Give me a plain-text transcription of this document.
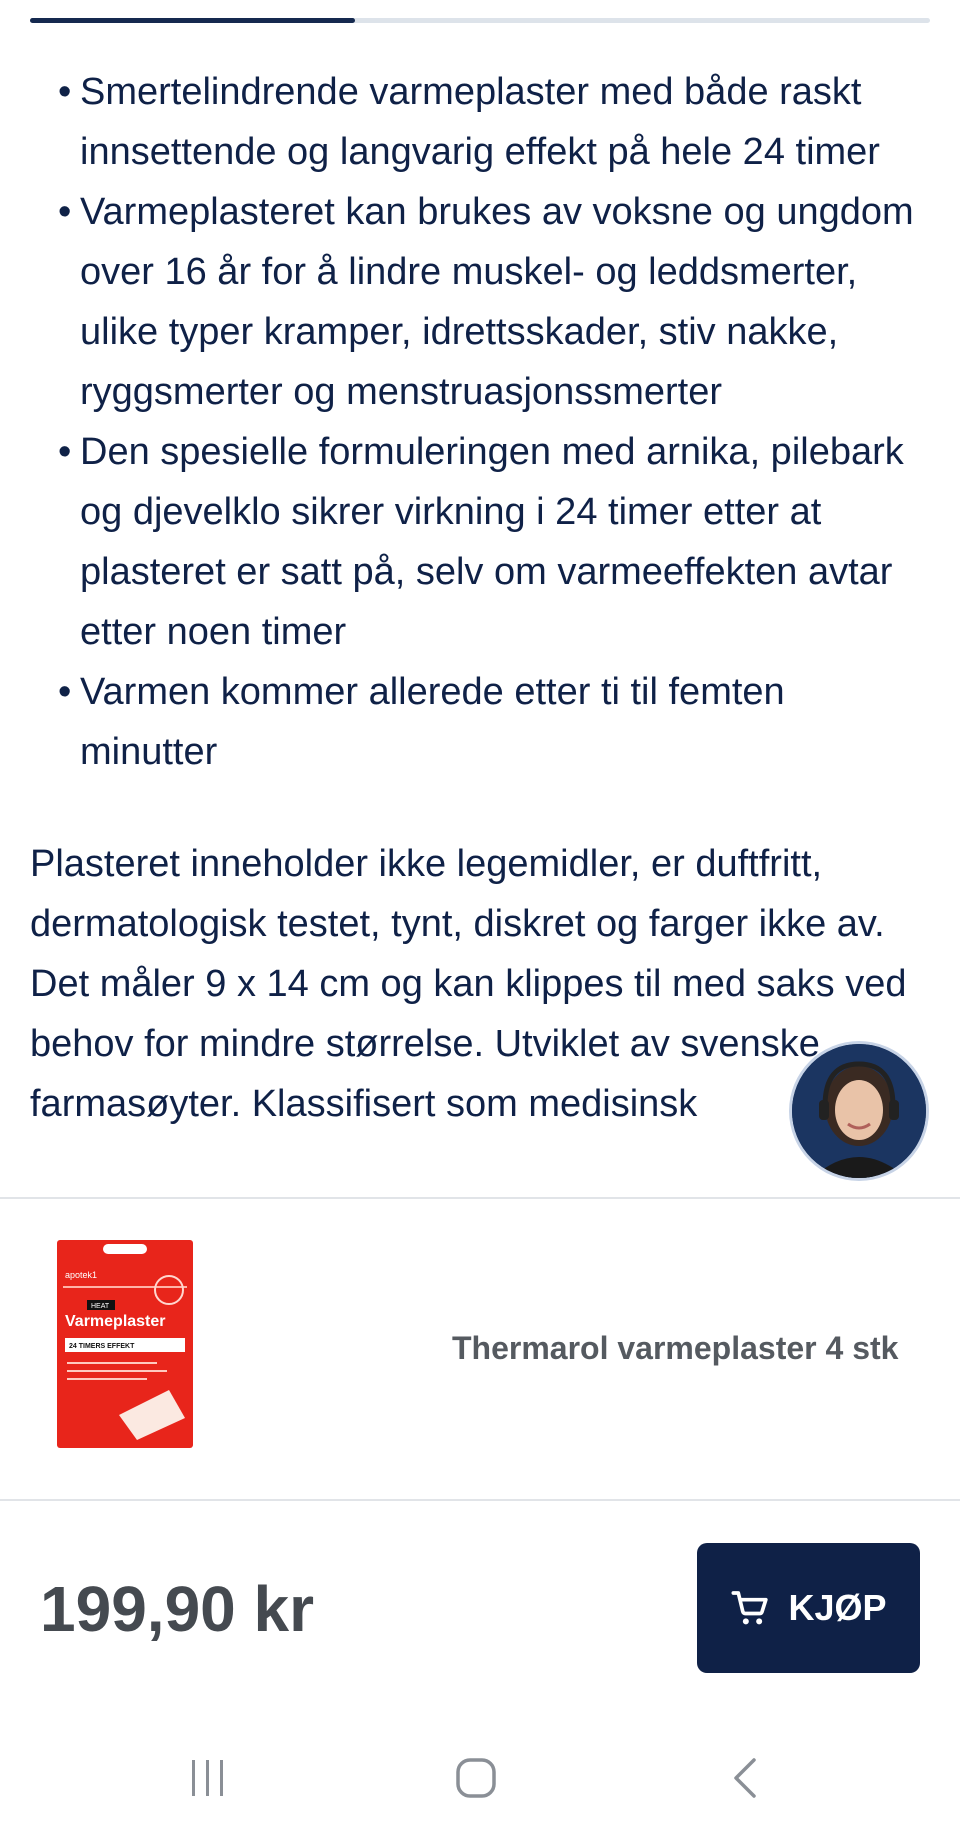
• Smertelindrende varmeplaster med både raskt innsettende og langvarig effekt på hele 24 timer
• Varmeplasteret kan brukes av voksne og ungdom over 16 år for å lindre muskel- og leddsmerter, ulike typer kramper, idrettsskader, stiv nakke, ryggsmerter og menstruasjonssmerter
• Den spesielle formuleringen med arnika, pilebark og djevelklo sikrer virkning i 24 timer etter at plasteret er satt på, selv om varmeeffekten avtar etter noen timer
• Varmen kommer allerede etter ti til femten minutter

Plasteret inneholder ikke legemidler, er duftfritt, dermatologisk testet, tynt, diskret og farger ikke av. Det måler 9 x 14 cm og kan klippes til med saks ved behov for mindre størrelse. Utviklet av svenske farmasøyter. Klassifisert som medisinsk

apotek1
HEAT
Varmeplaster
24 TIMERS EFFEKT	Thermarol varmeplaster 4 stk
199,90 kr	KJØP
